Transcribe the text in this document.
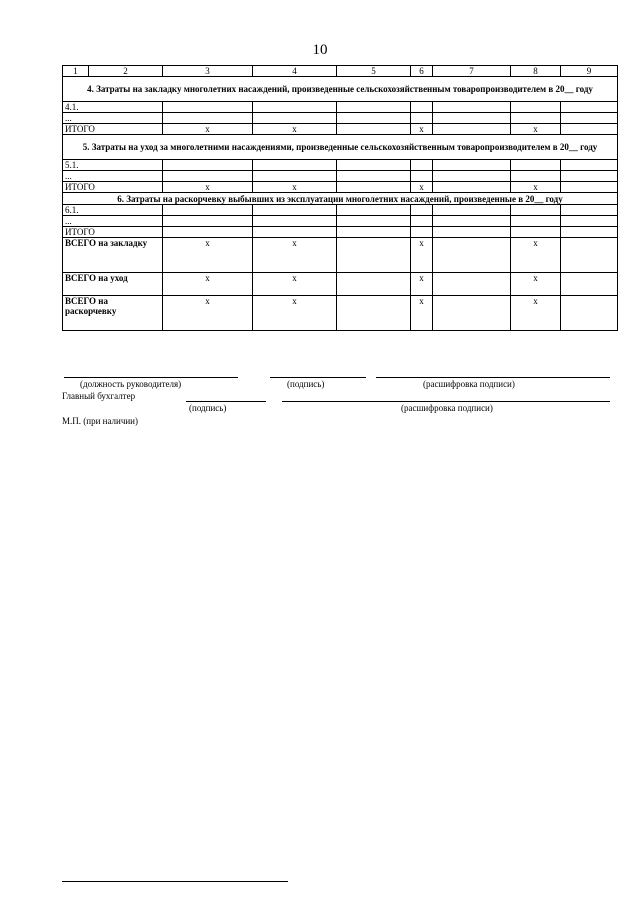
10
1	2	3	4	5	6	7	8	9
4. Затраты на закладку многолетних насаждений, произведенные сельскохозяйственным товаропроизводителем в 20__ году								
4.1.								
...								
ИТОГО		х	х		х		х	
5. Затраты на уход за многолетними насаждениями, произведенные сельскохозяйственным товаропроизводителем в 20__ году								
5.1.								
...								
ИТОГО		х	х		х		х	
6. Затраты на раскорчевку выбывших из эксплуатации многолетних насаждений, произведенные в 20__ году								
6.1.								
...								
ИТОГО								
ВСЕГО на закладку		х	х		х		х	
ВСЕГО на уход		х	х		х		х	
ВСЕГО на раскорчевку		х	х		х		х	
(должность руководителя)	(подпись)	(расшифровка подписи)
Главный бухгалтер
(подпись)	(расшифровка подписи)
М.П. (при наличии)
